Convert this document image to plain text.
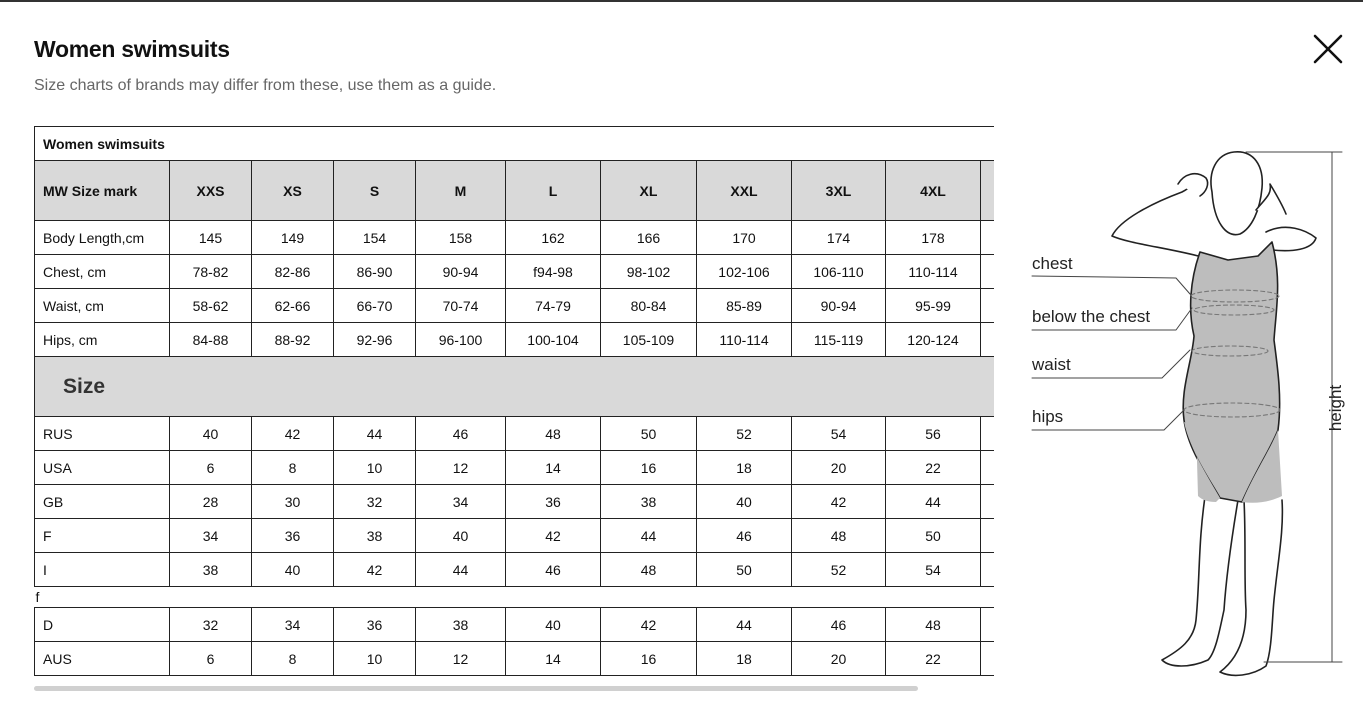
Women swimsuits

Size charts of brands may differ from these, use them as a guide.

Women swimsuits										
MW Size mark	XXS	XS	S	M	L	XL	XXL	3XL	4XL	
Body Length,cm	145	149	154	158	162	166	170	174	178	
Chest, cm	78-82	82-86	86-90	90-94	f94-98	98-102	102-106	106-110	110-114	
Waist, cm	58-62	62-66	66-70	70-74	74-79	80-84	85-89	90-94	95-99	
Hips, cm	84-88	88-92	92-96	96-100	100-104	105-109	110-114	115-119	120-124	
Size										
RUS	40	42	44	46	48	50	52	54	56	
USA	6	8	10	12	14	16	18	20	22	
GB	28	30	32	34	36	38	40	42	44	
F	34	36	38	40	42	44	46	48	50	
I	38	40	42	44	46	48	50	52	54	
f										
D	32	34	36	38	40	42	44	46	48	
AUS	6	8	10	12	14	16	18	20	22	
chest
below the chest
waist
hips	height
